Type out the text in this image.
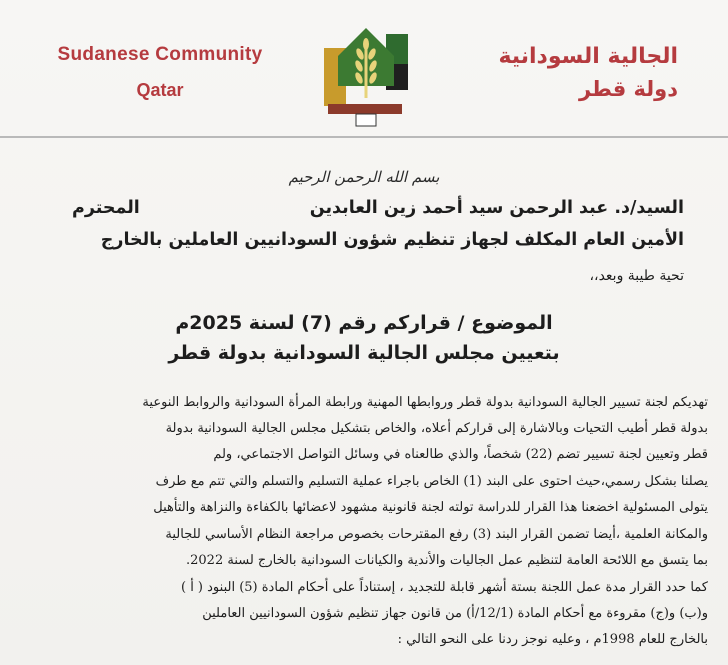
Sudanese Community
Qatar
الجالية السودانية
دولة قطر
بسم الله الرحمن الرحيم
السيد/د. عبد الرحمن سيد أحمد زين العابدين
المحترم
الأمين العام المكلف لجهاز تنظيم شؤون السودانيين العاملين بالخارج
تحية طيبة وبعد،،
الموضوع / قراركم رقم (7) لسنة 2025م
بتعيين مجلس الجالية السودانية بدولة قطر
تهديكم لجنة تسيير الجالية السودانية بدولة قطر وروابطها المهنية ورابطة المرأة السودانية والروابط النوعية
بدولة قطر أطيب التحيات وبالاشارة إلى قراركم أعلاه، والخاص بتشكيل مجلس الجالية السودانية بدولة
قطر وتعيين لجنة تسيير تضم (22) شخصاً، والذي طالعناه في وسائل التواصل الاجتماعي، ولم
يصلنا بشكل رسمي،حيث احتوى على البند (1) الخاص باجراء عملية التسليم والتسلم والتي تتم مع طرف
يتولى المسئولية اخضعنا هذا القرار للدراسة تولته لجنة قانونية مشهود لاعضائها بالكفاءة والنزاهة والتأهيل
والمكانة العلمية ،أيضا تضمن القرار البند (3) رفع المقترحات بخصوص مراجعة النظام الأساسي للجالية
بما يتسق مع اللائحة العامة لتنظيم عمل الجاليات والأندية والكيانات السودانية بالخارج لسنة 2022.
كما حدد القرار مدة عمل اللجنة بستة أشهر قابلة للتجديد ، إستناداً على أحكام المادة (5) البنود ( أ )
و(ب) و(ج) مقروءة مع أحكام المادة (12/1/أ) من قانون جهاز تنظيم شؤون السودانيين العاملين
بالخارج للعام 1998م ، وعليه نوجز ردنا على النحو التالي :
